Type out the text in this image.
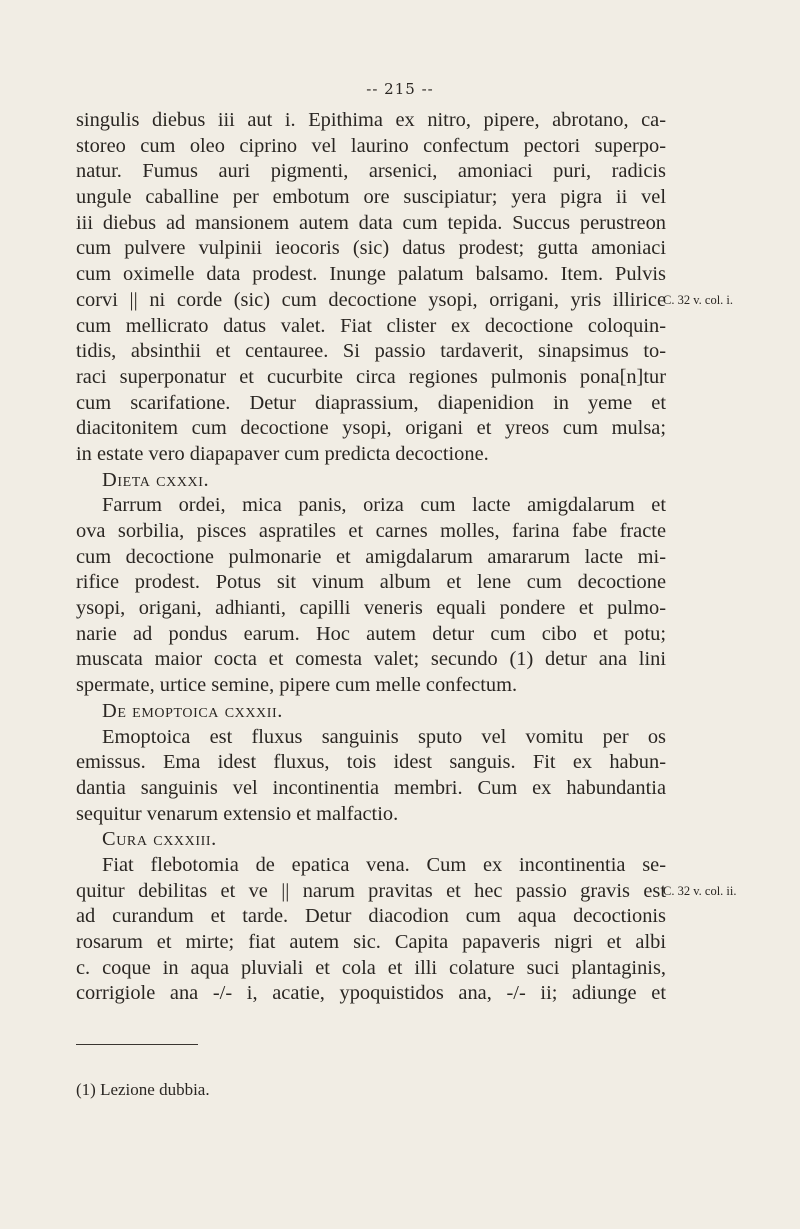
-- 215 --
singulis diebus iii aut i. Epithima ex nitro, pipere, abrotano, ca-
storeo cum oleo ciprino vel laurino confectum pectori superpo-
natur. Fumus auri pigmenti, arsenici, amoniaci puri, radicis
ungule caballine per embotum ore suscipiatur; yera pigra ii vel
iii diebus ad mansionem autem data cum tepida. Succus perustreon
cum pulvere vulpinii ieocoris (sic) datus prodest; gutta amoniaci
cum oximelle data prodest. Inunge palatum balsamo. Item. Pulvis
corvi || ni corde (sic) cum decoctione ysopi, orrigani, yris illirice
cum mellicrato datus valet. Fiat clister ex decoctione coloquin-
tidis, absinthii et centauree. Si passio tardaverit, sinapsimus to-
raci superponatur et cucurbite circa regiones pulmonis pona[n]tur
cum scarifatione. Detur diaprassium, diapenidion in yeme et
diacitonitem cum decoctione ysopi, origani et yreos cum mulsa;
in estate vero diapapaver cum predicta decoctione.
Dieta cxxxi.
Farrum ordei, mica panis, oriza cum lacte amigdalarum et
ova sorbilia, pisces aspratiles et carnes molles, farina fabe fracte
cum decoctione pulmonarie et amigdalarum amararum lacte mi-
rifice prodest. Potus sit vinum album et lene cum decoctione
ysopi, origani, adhianti, capilli veneris equali pondere et pulmo-
narie ad pondus earum. Hoc autem detur cum cibo et potu;
muscata maior cocta et comesta valet; secundo (1) detur ana lini
spermate, urtice semine, pipere cum melle confectum.
De emoptoica cxxxii.
Emoptoica est fluxus sanguinis sputo vel vomitu per os
emissus. Ema idest fluxus, tois idest sanguis. Fit ex habun-
dantia sanguinis vel incontinentia membri. Cum ex habundantia
sequitur venarum extensio et malfactio.
Cura cxxxiii.
Fiat flebotomia de epatica vena. Cum ex incontinentia se-
quitur debilitas et ve || narum pravitas et hec passio gravis est
ad curandum et tarde. Detur diacodion cum aqua decoctionis
rosarum et mirte; fiat autem sic. Capita papaveris nigri et albi
c. coque in aqua pluviali et cola et illi colature suci plantaginis,
corrigiole ana -/- i, acatie, ypoquistidos ana, -/- ii; adiunge et
C. 32 v. col. i.
C. 32 v. col. ii.
(1) Lezione dubbia.
